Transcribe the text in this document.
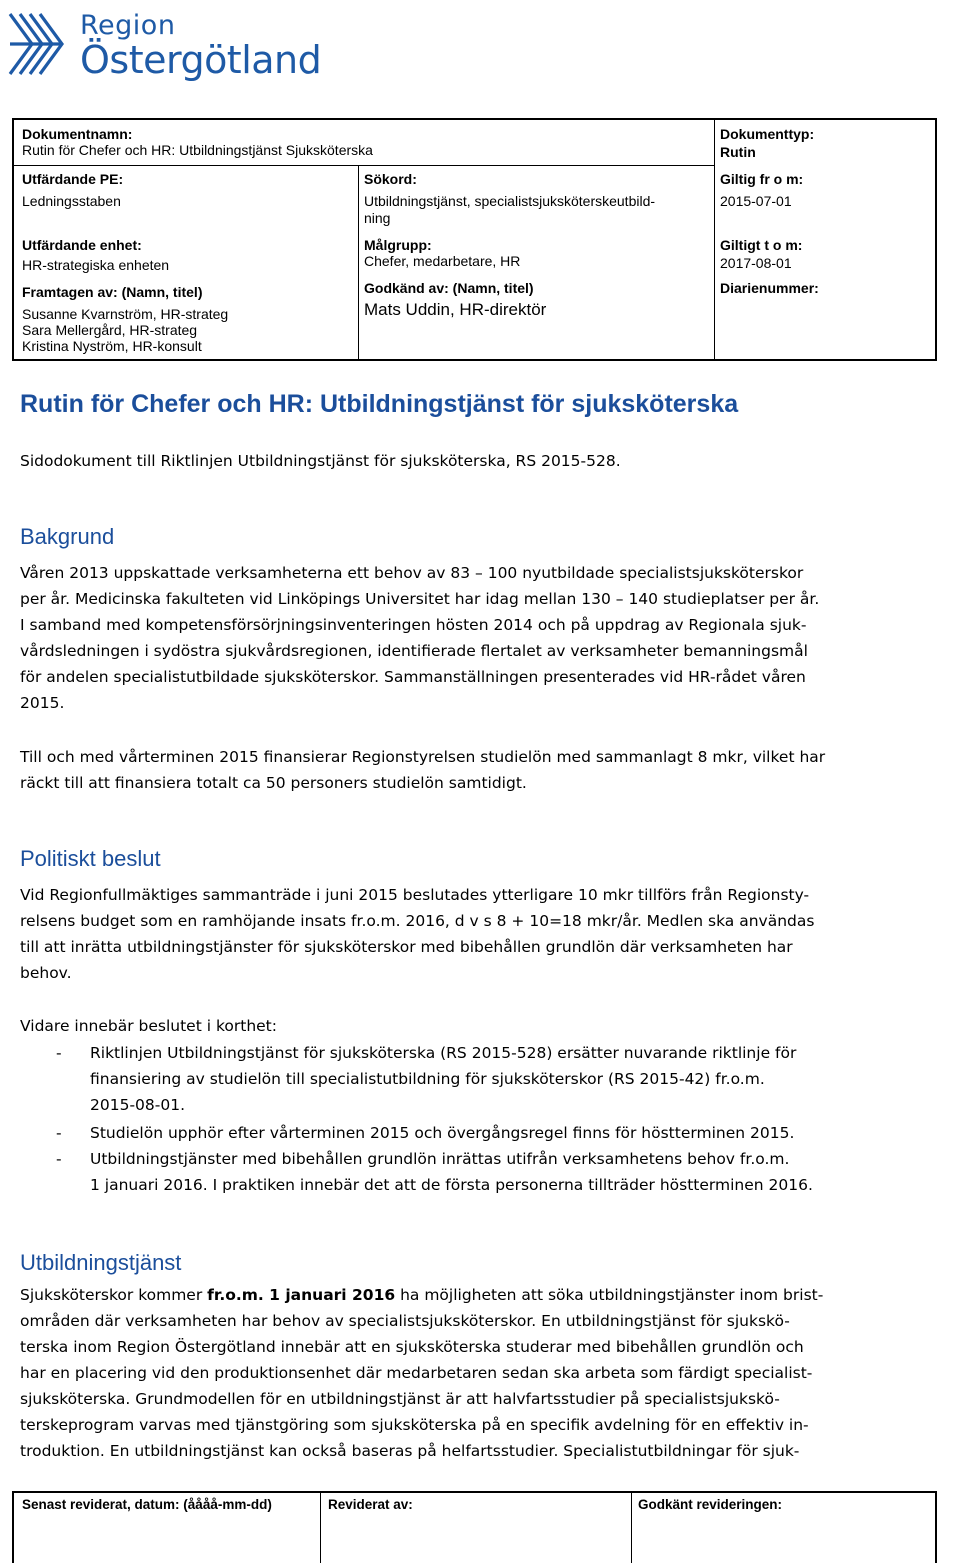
Region
Östergötland
Dokumentnamn:
Rutin för Chefer och HR: Utbildningstjänst Sjuksköterska
Dokumenttyp:
Rutin
Utfärdande PE:
Ledningsstaben
Sökord:
Utbildningstjänst, specialistsjuksköterskeutbild-
ning
Giltig fr o m:
2015-07-01
Utfärdande enhet:
HR-strategiska enheten
Målgrupp:
Chefer, medarbetare, HR
Giltigt t o m:
2017-08-01
Framtagen av: (Namn, titel)
Susanne Kvarnström, HR-strateg
Sara Mellergård, HR-strateg
Kristina Nyström, HR-konsult
Godkänd av: (Namn, titel)
Mats Uddin, HR-direktör
Diarienummer:
Rutin för Chefer och HR: Utbildningstjänst för sjuksköterska
Sidodokument till Riktlinjen Utbildningstjänst för sjuksköterska, RS 2015-528.
Bakgrund
Våren 2013 uppskattade verksamheterna ett behov av 83 – 100 nyutbildade specialistsjuksköterskor
per år. Medicinska fakulteten vid Linköpings Universitet har idag mellan 130 – 140 studieplatser per år.
I samband med kompetensförsörjningsinventeringen hösten 2014 och på uppdrag av Regionala sjuk-
vårdsledningen i sydöstra sjukvårdsregionen, identifierade flertalet av verksamheter bemanningsmål
för andelen specialistutbildade sjuksköterskor. Sammanställningen presenterades vid HR-rådet våren
2015.
Till och med vårterminen 2015 finansierar Regionstyrelsen studielön med sammanlagt 8 mkr, vilket har
räckt till att finansiera totalt ca 50 personers studielön samtidigt.
Politiskt beslut
Vid Regionfullmäktiges sammanträde i juni 2015 beslutades ytterligare 10 mkr tillförs från Regionsty-
relsens budget som en ramhöjande insats fr.o.m. 2016, d v s 8 + 10=18 mkr/år. Medlen ska användas
till att inrätta utbildningstjänster för sjuksköterskor med bibehållen grundlön där verksamheten har
behov.
Vidare innebär beslutet i korthet:
- Riktlinjen Utbildningstjänst för sjuksköterska (RS 2015-528) ersätter nuvarande riktlinje för
finansiering av studielön till specialistutbildning för sjuksköterskor (RS 2015-42) fr.o.m.
2015-08-01.
- Studielön upphör efter vårterminen 2015 och övergångsregel finns för höstterminen 2015.
- Utbildningstjänster med bibehållen grundlön inrättas utifrån verksamhetens behov fr.o.m.
1 januari 2016. I praktiken innebär det att de första personerna tillträder höstterminen 2016.
Utbildningstjänst
Sjuksköterskor kommer fr.o.m. 1 januari 2016 ha möjligheten att söka utbildningstjänster inom brist-
områden där verksamheten har behov av specialistsjuksköterskor. En utbildningstjänst för sjukskö-
terska inom Region Östergötland innebär att en sjuksköterska studerar med bibehållen grundlön och
har en placering vid den produktionsenhet där medarbetaren sedan ska arbeta som färdigt specialist-
sjuksköterska. Grundmodellen för en utbildningstjänst är att halvfartsstudier på specialistsjukskö-
terskeprogram varvas med tjänstgöring som sjuksköterska på en specifik avdelning för en effektiv in-
troduktion. En utbildningstjänst kan också baseras på helfartsstudier. Specialistutbildningar för sjuk-
Senast reviderat, datum: (åååå-mm-dd)	Reviderat av:	Godkänt revideringen:
